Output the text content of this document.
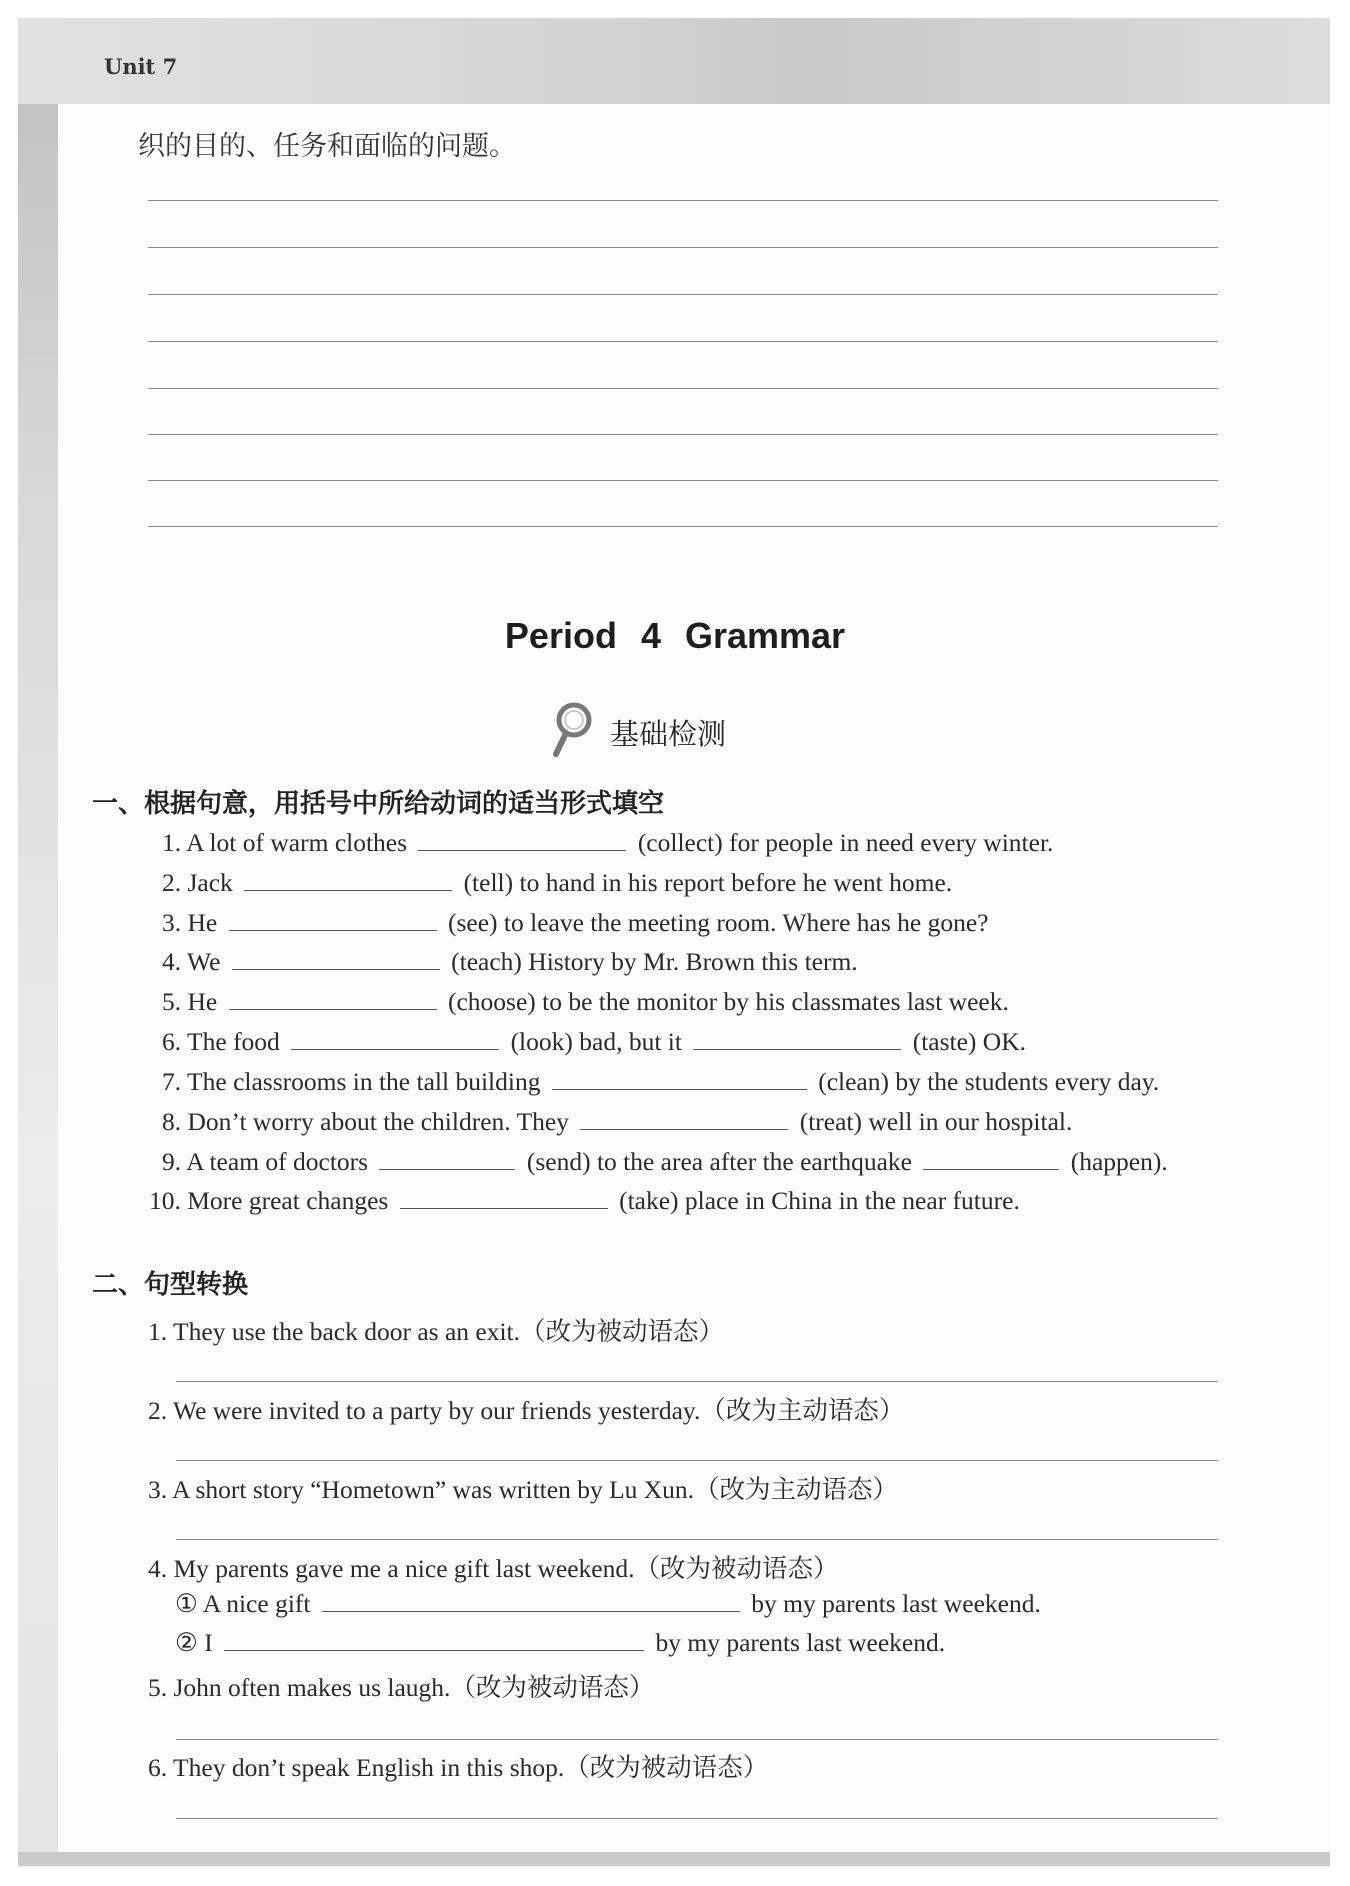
Unit 7
织的目的、任务和面临的问题。
Period 4 Grammar
基础检测
一、根据句意，用括号中所给动词的适当形式填空
1. A lot of warm clothes	(collect) for people in need every winter.
2. Jack	(tell) to hand in his report before he went home.
3. He	(see) to leave the meeting room. Where has he gone?
4. We	(teach) History by Mr. Brown this term.
5. He	(choose) to be the monitor by his classmates last week.
6. The food	(look) bad, but it	(taste) OK.
7. The classrooms in the tall building	(clean) by the students every day.
8. Don’t worry about the children. They	(treat) well in our hospital.
9. A team of doctors	(send) to the area after the earthquake	(happen).
10. More great changes	(take) place in China in the near future.
二、句型转换
1. They use the back door as an exit.（改为被动语态）
2. We were invited to a party by our friends yesterday.（改为主动语态）
3. A short story “Hometown” was written by Lu Xun.（改为主动语态）
4. My parents gave me a nice gift last weekend.（改为被动语态）
① A nice gift	by my parents last weekend.
② I	by my parents last weekend.
5. John often makes us laugh.（改为被动语态）
6. They don’t speak English in this shop.（改为被动语态）
